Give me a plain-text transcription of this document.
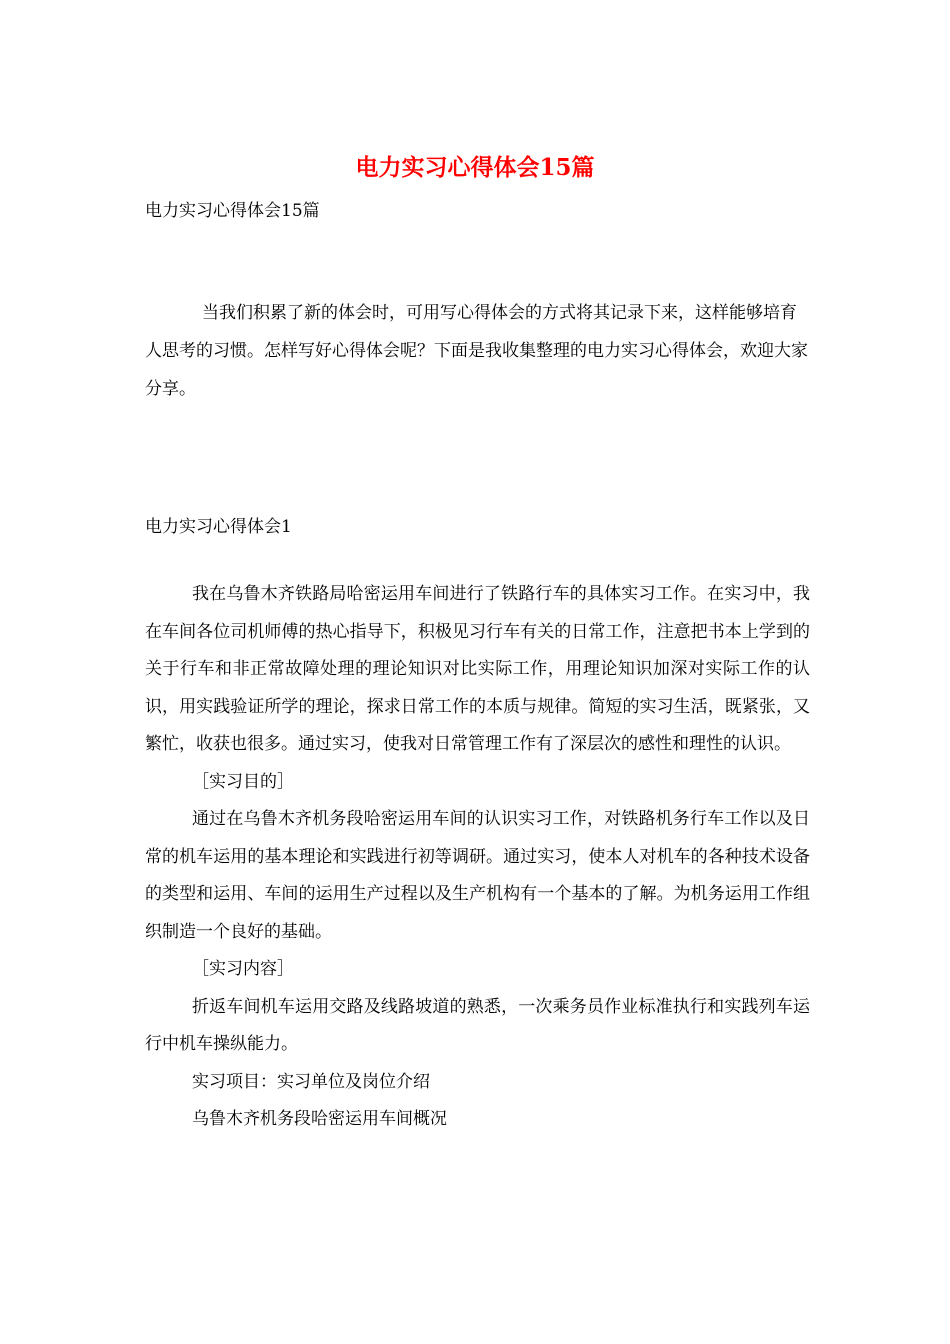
电力实习心得体会15篇
电力实习心得体会15篇
当我们积累了新的体会时，可用写心得体会的方式将其记录下来，这样能够培育人思考的习惯。怎样写好心得体会呢？下面是我收集整理的电力实习心得体会，欢迎大家分享。
电力实习心得体会1

我在乌鲁木齐铁路局哈密运用车间进行了铁路行车的具体实习工作。在实习中，我在车间各位司机师傅的热心指导下，积极见习行车有关的日常工作，注意把书本上学到的关于行车和非正常故障处理的理论知识对比实际工作，用理论知识加深对实际工作的认识，用实践验证所学的理论，探求日常工作的本质与规律。简短的实习生活，既紧张，又繁忙，收获也很多。通过实习，使我对日常管理工作有了深层次的感性和理性的认识。

［实习目的］

通过在乌鲁木齐机务段哈密运用车间的认识实习工作，对铁路机务行车工作以及日常的机车运用的基本理论和实践进行初等调研。通过实习，使本人对机车的各种技术设备的类型和运用、车间的运用生产过程以及生产机构有一个基本的了解。为机务运用工作组织制造一个良好的基础。

［实习内容］

折返车间机车运用交路及线路坡道的熟悉，一次乘务员作业标准执行和实践列车运行中机车操纵能力。

实习项目：实习单位及岗位介绍

乌鲁木齐机务段哈密运用车间概况
